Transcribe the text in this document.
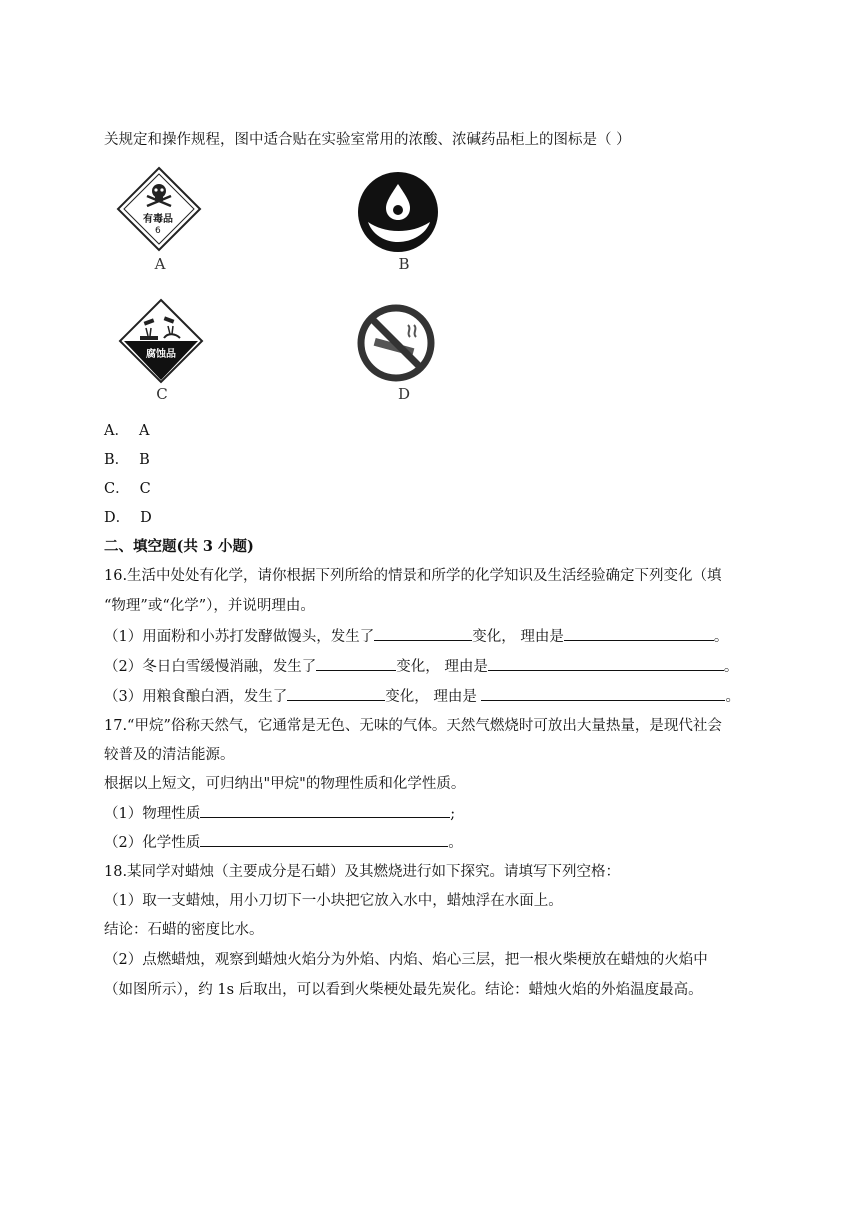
关规定和操作规程，图中适合贴在实验室常用的浓酸、浓碱药品柜上的图标是（ ）
有毒品
6
A	B
腐蚀品
C	D
A． A
B． B
C． C
D． D
二、填空题(共 3 小题)
16.生活中处处有化学，请你根据下列所给的情景和所学的化学知识及生活经验确定下列变化（填
“物理”或“化学”），并说明理由。
（1）用面粉和小苏打发酵做馒头，发生了	变化， 理由是	。
（2）冬日白雪缓慢消融，发生了	变化， 理由是	。
（3）用粮食酿白酒，发生了	变化， 理由是	。
17.“甲烷”俗称天然气，它通常是无色、无味的气体。天然气燃烧时可放出大量热量，是现代社会
较普及的清洁能源。
根据以上短文，可归纳出"甲烷"的物理性质和化学性质。
（1）物理性质	;
（2）化学性质	。
18.某同学对蜡烛（主要成分是石蜡）及其燃烧进行如下探究。请填写下列空格：
（1）取一支蜡烛，用小刀切下一小块把它放入水中，蜡烛浮在水面上。
结论：石蜡的密度比水。
（2）点燃蜡烛，观察到蜡烛火焰分为外焰、内焰、焰心三层，把一根火柴梗放在蜡烛的火焰中
（如图所示），约 1s 后取出，可以看到火柴梗处最先炭化。结论：蜡烛火焰的外焰温度最高。
